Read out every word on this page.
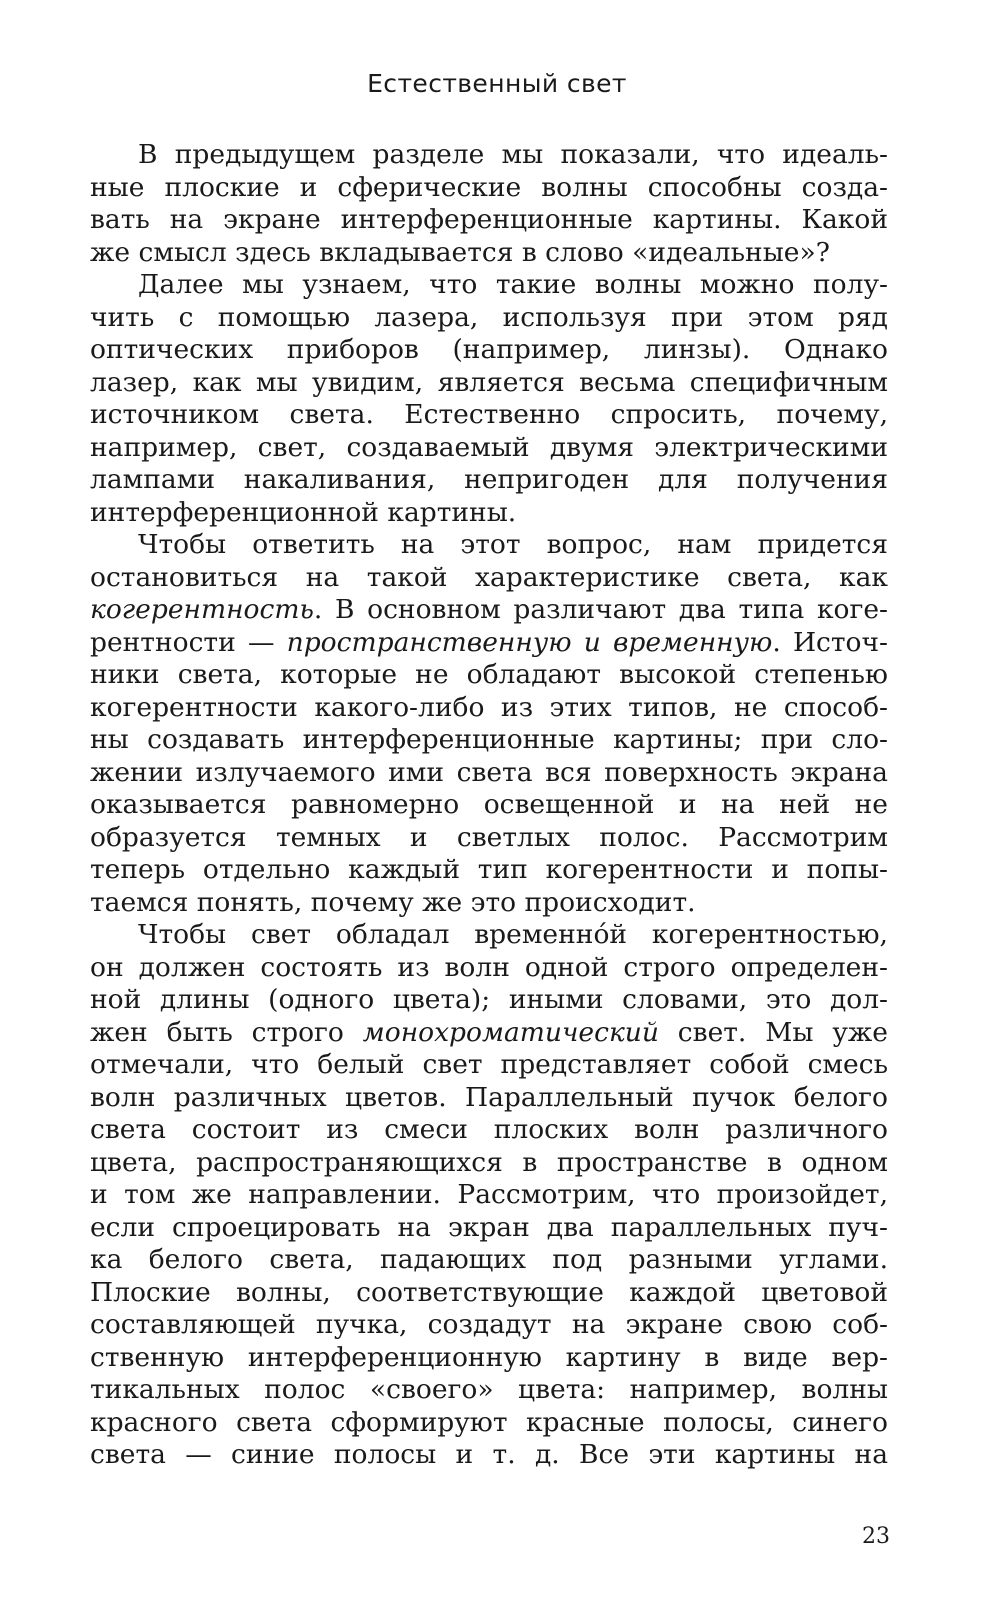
Естественный свет
В предыдущем разделе мы показали, что идеаль-
ные плоские и сферические волны способны созда-
вать на экране интерференционные картины. Какой
же смысл здесь вкладывается в слово «идеальные»?
Далее мы узнаем, что такие волны можно полу-
чить с помощью лазера, используя при этом ряд
оптических приборов (например, линзы). Однако
лазер, как мы увидим, является весьма специфичным
источником света. Естественно спросить, почему,
например, свет, создаваемый двумя электрическими
лампами накаливания, непригоден для получения
интерференционной картины.
Чтобы ответить на этот вопрос, нам придется
остановиться на такой характеристике света, как
когерентность. В основном различают два типа коге-
рентности — пространственную и временную. Источ-
ники света, которые не обладают высокой степенью
когерентности какого-либо из этих типов, не способ-
ны создавать интерференционные картины; при сло-
жении излучаемого ими света вся поверхность экрана
оказывается равномерно освещенной и на ней не
образуется темных и светлых полос. Рассмотрим
теперь отдельно каждый тип когерентности и попы-
таемся понять, почему же это происходит.
Чтобы свет обладал временнóй когерентностью,
он должен состоять из волн одной строго определен-
ной длины (одного цвета); иными словами, это дол-
жен быть строго монохроматический свет. Мы уже
отмечали, что белый свет представляет собой смесь
волн различных цветов. Параллельный пучок белого
света состоит из смеси плоских волн различного
цвета, распространяющихся в пространстве в одном
и том же направлении. Рассмотрим, что произойдет,
если спроецировать на экран два параллельных пуч-
ка белого света, падающих под разными углами.
Плоские волны, соответствующие каждой цветовой
составляющей пучка, создадут на экране свою соб-
ственную интерференционную картину в виде вер-
тикальных полос «своего» цвета: например, волны
красного света сформируют красные полосы, синего
света — синие полосы и т. д. Все эти картины на
23
